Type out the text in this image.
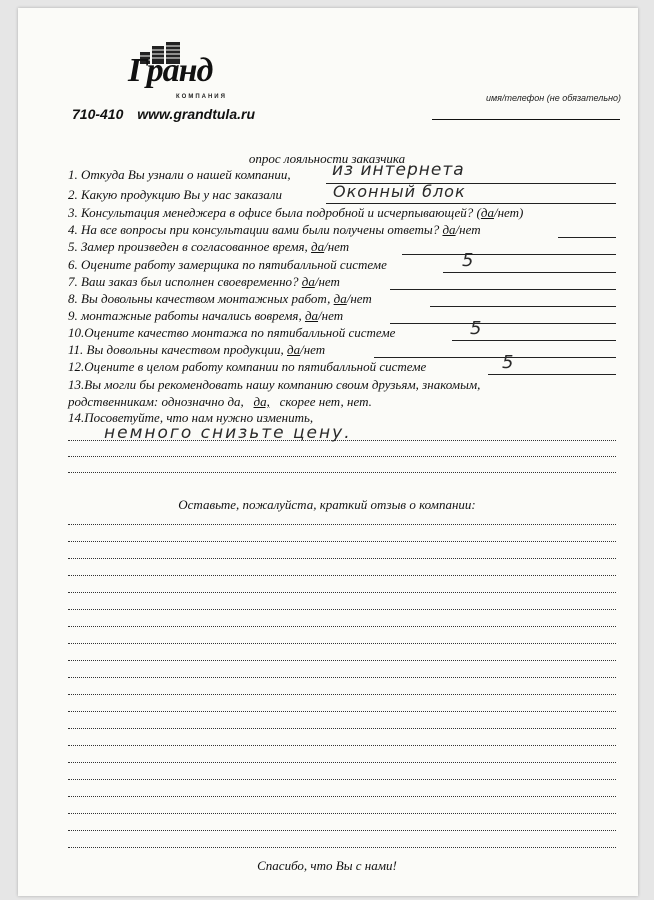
Гранд
КОМПАНИЯ
710-410 www.grandtula.ru
имя/телефон (не обязательно)
опрос лояльности заказчика
1. Откуда Вы узнали о нашей компании, из интернета
2. Какую продукцию Вы у нас заказали	Оконный блок
3. Консультация менеджера в офисе была подробной и исчерпывающей? (да/нет)
4. На все вопросы при консультации вами были получены ответы? да/нет
5. Замер произведен в согласованное время, да/нет
6. Оцените работу замерщика по пятибалльной системе	5
7. Ваш заказ был исполнен своевременно? да/нет
8. Вы довольны качеством монтажных работ, да/нет
9. монтажные работы начались вовремя, да/нет
10.Оцените качество монтажа по пятибалльной системе	5
11. Вы довольны качеством продукции, да/нет
12.Оцените в целом работу компании по пятибалльной системе	5
13.Вы могли бы рекомендовать нашу компанию своим друзьям, знакомым,
родственникам: однозначно да, да, скорее нет, нет.
14.Посоветуйте, что нам нужно изменить,
немного снизьте цену.
Оставьте, пожалуйста, краткий отзыв о компании:
Спасибо, что Вы с нами!
